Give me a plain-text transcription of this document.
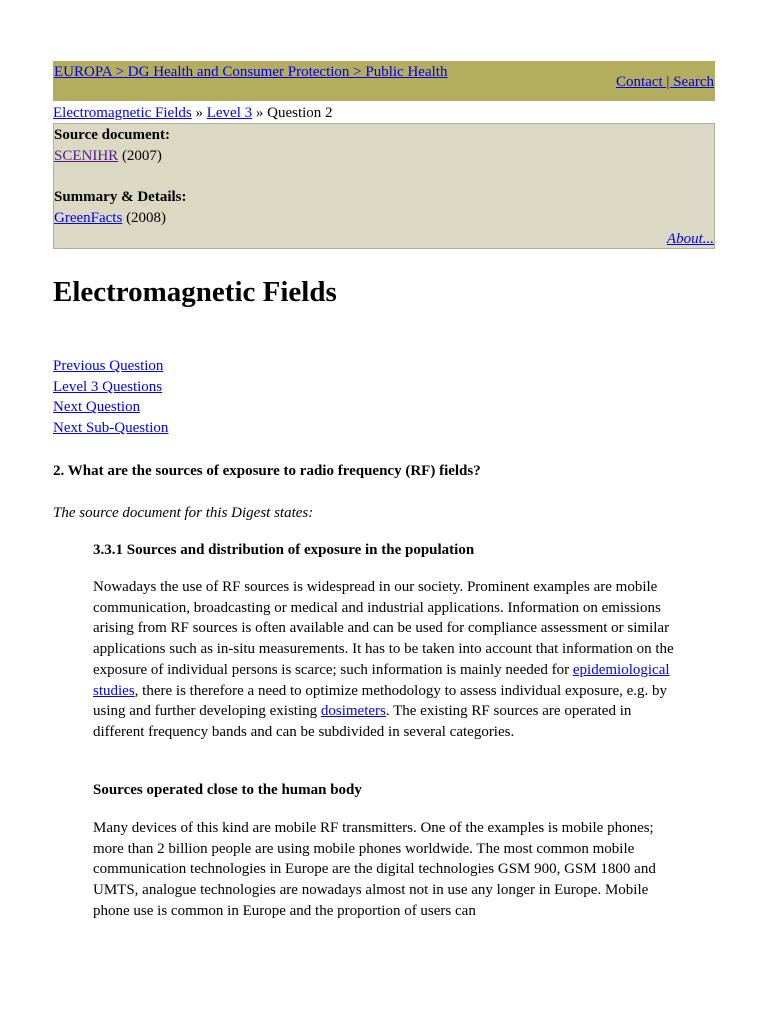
EUROPA > DG Health and Consumer Protection > Public Health
Contact | Search
Electromagnetic Fields » Level 3 » Question 2
Source document:
SCENIHR (2007)
Summary & Details:
GreenFacts (2008)
About...
Electromagnetic Fields
Previous Question
Level 3 Questions
Next Question
Next Sub-Question
2. What are the sources of exposure to radio frequency (RF) fields?

The source document for this Digest states:

3.3.1 Sources and distribution of exposure in the population

Nowadays the use of RF sources is widespread in our society. Prominent examples are mobile communication, broadcasting or medical and industrial applications. Information on emissions arising from RF sources is often available and can be used for compliance assessment or similar applications such as in-situ measurements. It has to be taken into account that information on the exposure of individual persons is scarce; such information is mainly needed for epidemiological studies, there is therefore a need to optimize methodology to assess individual exposure, e.g. by using and further developing existing dosimeters. The existing RF sources are operated in different frequency bands and can be subdivided in several categories.

Sources operated close to the human body

Many devices of this kind are mobile RF transmitters. One of the examples is mobile phones; more than 2 billion people are using mobile phones worldwide. The most common mobile communication technologies in Europe are the digital technologies GSM 900, GSM 1800 and UMTS, analogue technologies are nowadays almost not in use any longer in Europe. Mobile phone use is common in Europe and the proportion of users can
